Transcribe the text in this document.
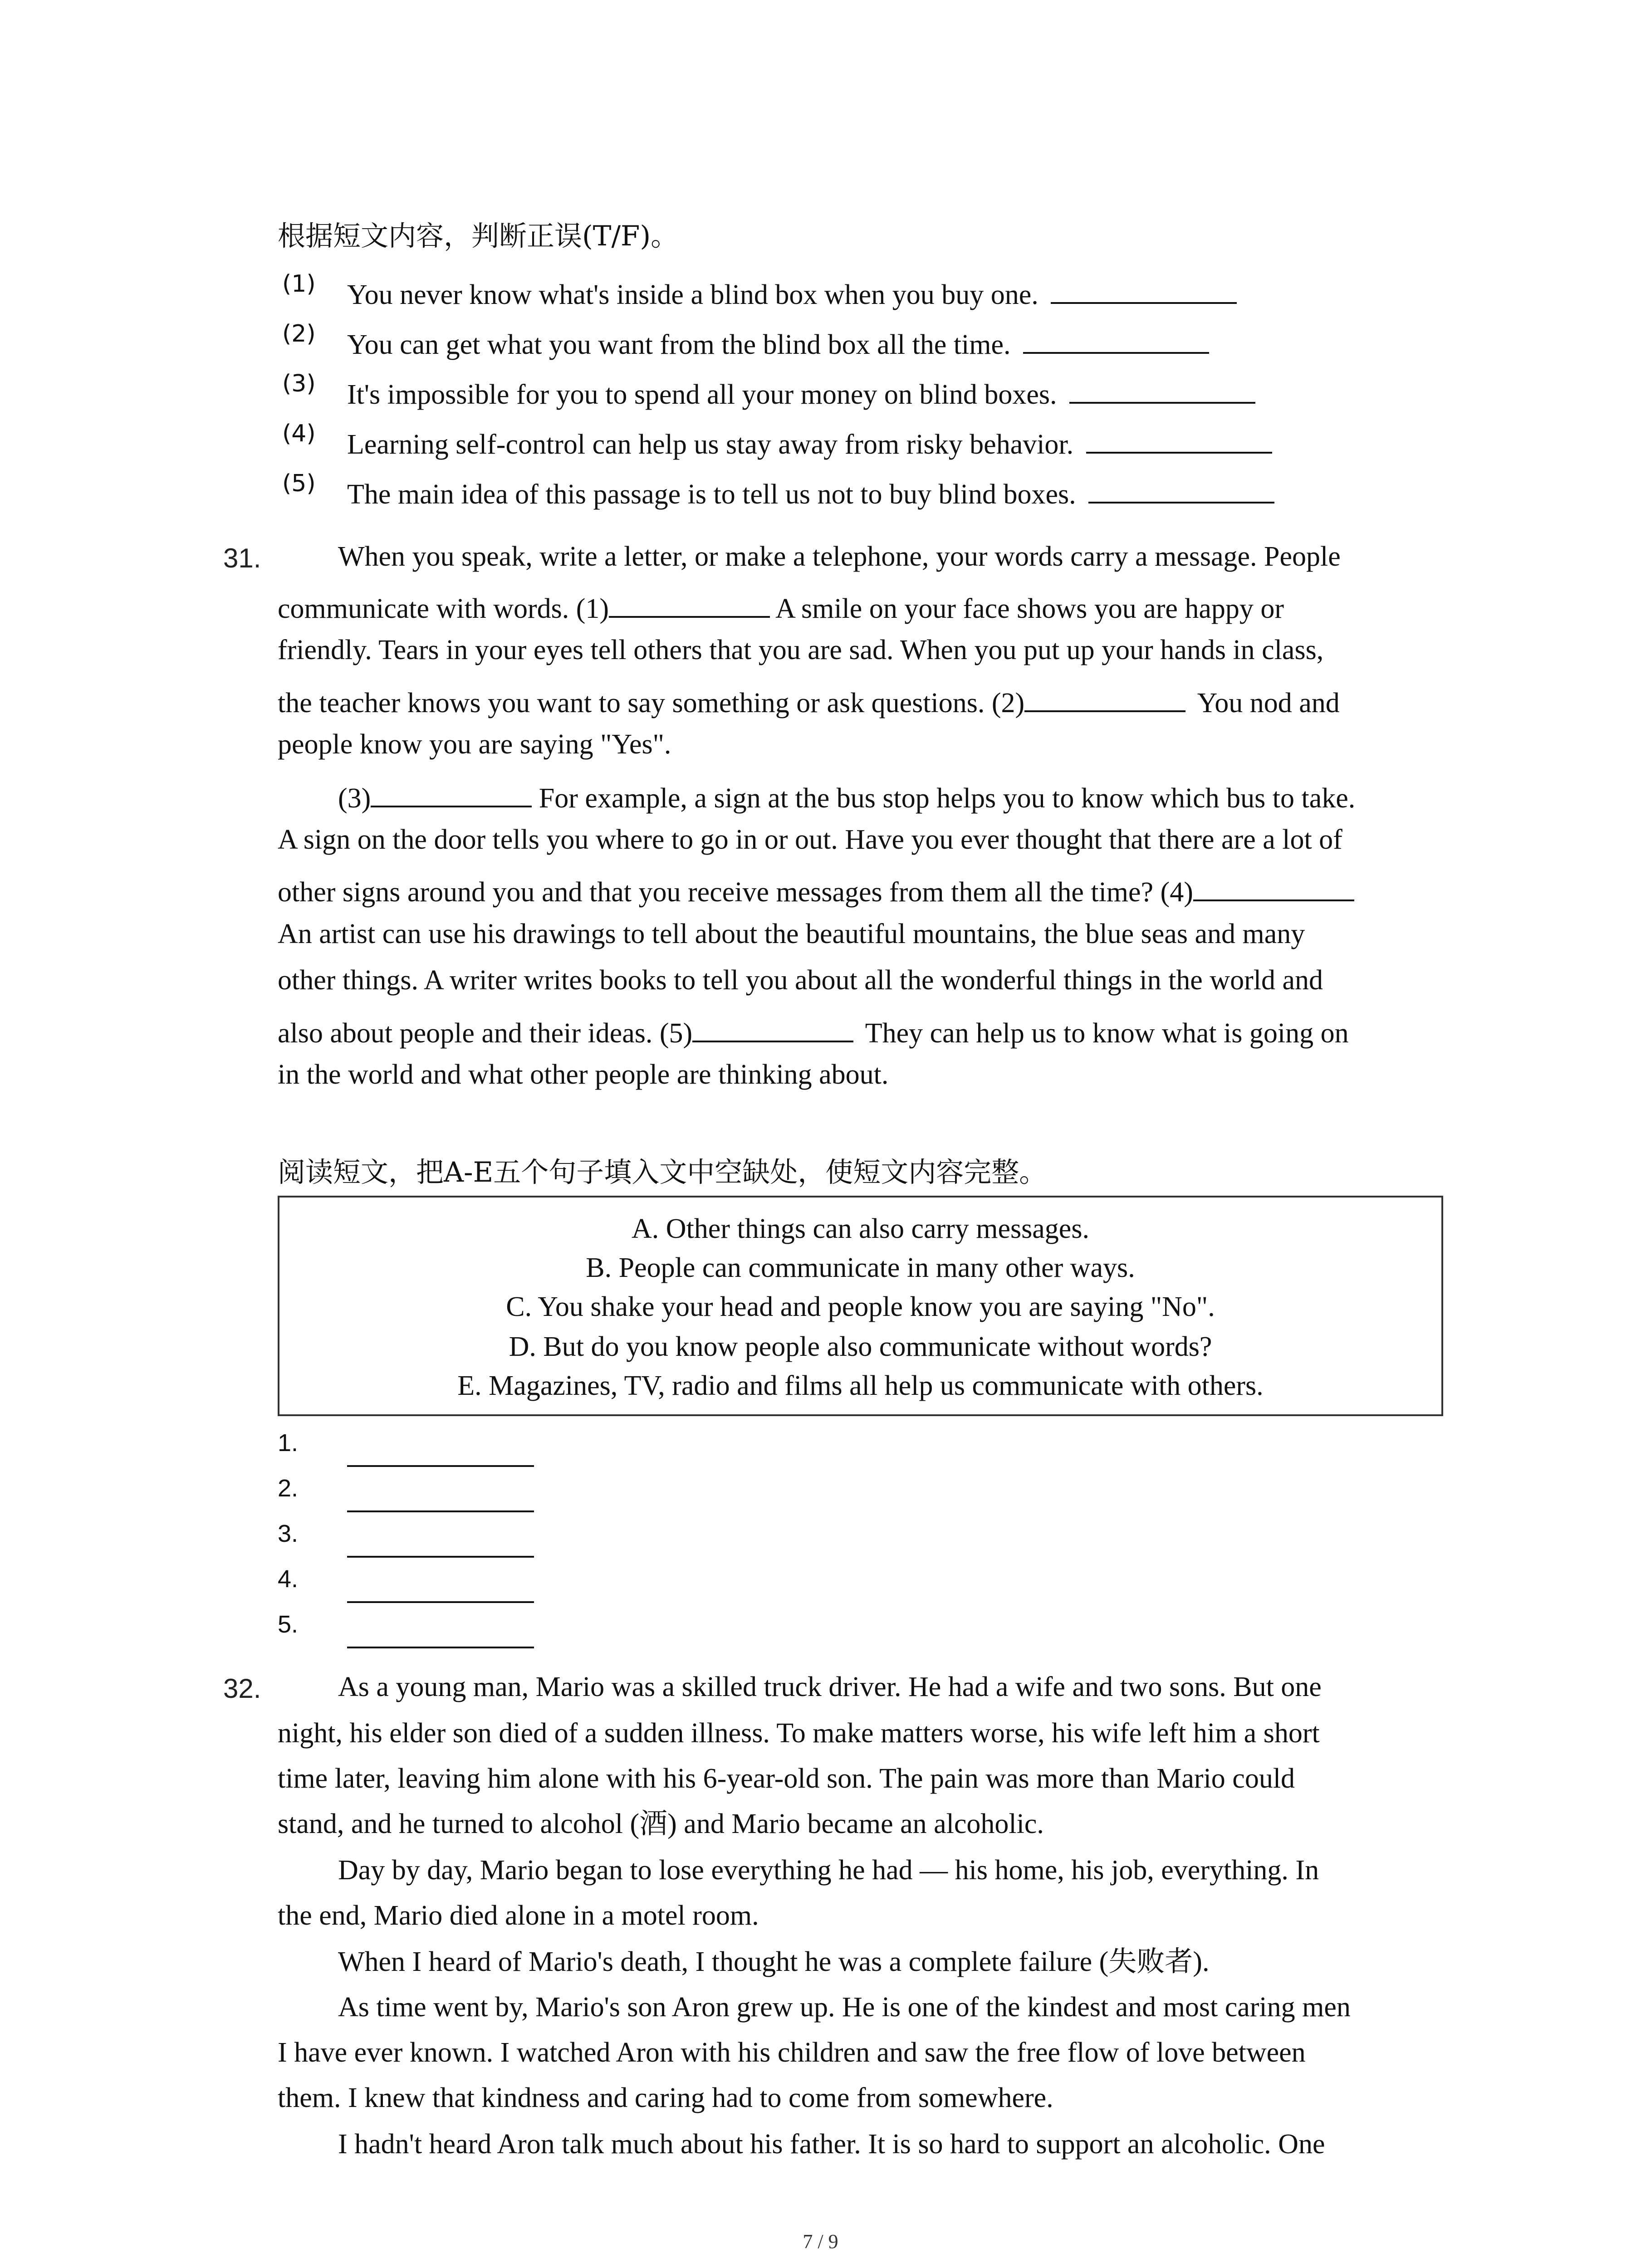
根据短文内容，判断正误(T/F)。
(1) You never know what's inside a blind box when you buy one.
(2) You can get what you want from the blind box all the time.
(3) It's impossible for you to spend all your money on blind boxes.
(4) Learning self-control can help us stay away from risky behavior.
(5) The main idea of this passage is to tell us not to buy blind boxes.
31.	When you speak, write a letter, or make a telephone, your words carry a message. People
communicate with words. (1)	A smile on your face shows you are happy or
friendly. Tears in your eyes tell others that you are sad. When you put up your hands in class,
the teacher knows you want to say something or ask questions. (2)	You nod and
people know you are saying "Yes".
(3)	For example, a sign at the bus stop helps you to know which bus to take.
A sign on the door tells you where to go in or out. Have you ever thought that there are a lot of
other signs around you and that you receive messages from them all the time? (4)
An artist can use his drawings to tell about the beautiful mountains, the blue seas and many
other things. A writer writes books to tell you about all the wonderful things in the world and
also about people and their ideas. (5)	They can help us to know what is going on
in the world and what other people are thinking about.
阅读短文，把A-E五个句子填入文中空缺处，使短文内容完整。
A. Other things can also carry messages.
B. People can communicate in many other ways.
C. You shake your head and people know you are saying "No".
D. But do you know people also communicate without words?
E. Magazines, TV, radio and films all help us communicate with others.
1.
2.
3.
4.
5.
32.	As a young man, Mario was a skilled truck driver. He had a wife and two sons. But one
night, his elder son died of a sudden illness. To make matters worse, his wife left him a short
time later, leaving him alone with his 6-year-old son. The pain was more than Mario could
stand, and he turned to alcohol (酒) and Mario became an alcoholic.
Day by day, Mario began to lose everything he had — his home, his job, everything. In
the end, Mario died alone in a motel room.
When I heard of Mario's death, I thought he was a complete failure (失败者).
As time went by, Mario's son Aron grew up. He is one of the kindest and most caring men
I have ever known. I watched Aron with his children and saw the free flow of love between
them. I knew that kindness and caring had to come from somewhere.
I hadn't heard Aron talk much about his father. It is so hard to support an alcoholic. One
7 / 9
